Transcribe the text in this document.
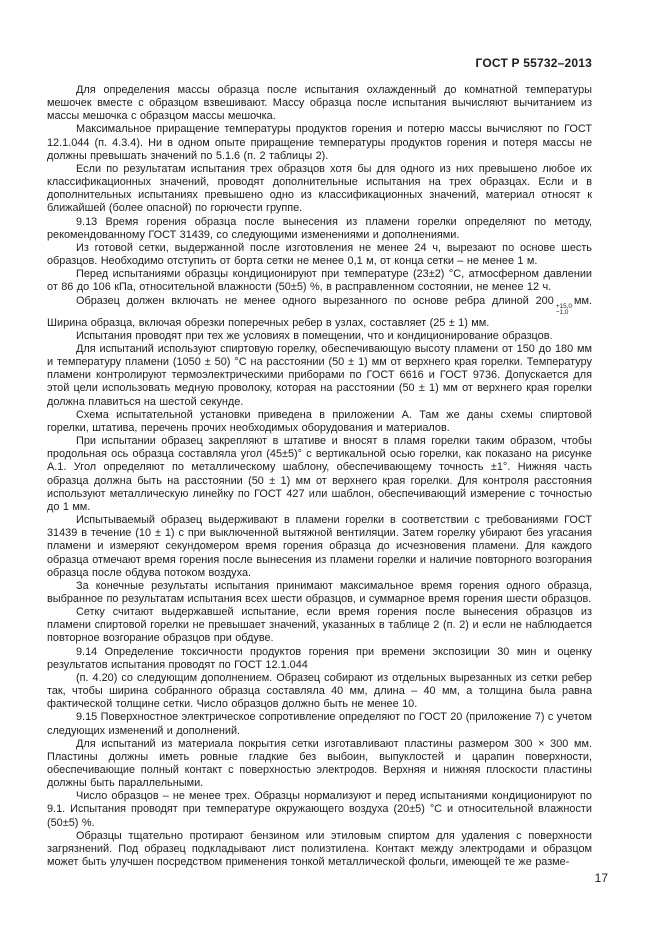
ГОСТ Р 55732–2013

Для определения массы образца после испытания охлажденный до комнатной температуры мешочек вместе с образцом взвешивают. Массу образца после испытания вычисляют вычитанием из массы мешочка с образцом массы мешочка.

Максимальное приращение температуры продуктов горения и потерю массы вычисляют по ГОСТ 12.1.044 (п. 4.3.4). Ни в одном опыте приращение температуры продуктов горения и потеря массы не должны превышать значений по 5.1.6 (п. 2 таблицы 2).

Если по результатам испытания трех образцов хотя бы для одного из них превышено любое их классификационных значений, проводят дополнительные испытания на трех образцах. Если и в дополнительных испытаниях превышено одно из классификационных значений, материал относят к ближайшей (более опасной) по горючести группе.

9.13 Время горения образца после вынесения из пламени горелки определяют по методу, рекомендованному ГОСТ 31439, со следующими изменениями и дополнениями.

Из готовой сетки, выдержанной после изготовления не менее 24 ч, вырезают по основе шесть образцов. Необходимо отступить от борта сетки не менее 0,1 м, от конца сетки – не менее 1 м.

Перед испытаниями образцы кондиционируют при температуре (23±2) °С, атмосферном давлении от 86 до 106 кПа, относительной влажности (50±5) %, в расправленном состоянии, не менее 12 ч.

Образец должен включать не менее одного вырезанного по основе ребра длиной 200 +15,0
−1,0
мм. Ширина образца, включая обрезки поперечных ребер в узлах, составляет (25 ± 1) мм.

Испытания проводят при тех же условиях в помещении, что и кондиционирование образцов.

Для испытаний используют спиртовую горелку, обеспечивающую высоту пламени от 150 до 180 мм и температуру пламени (1050 ± 50) °С на расстоянии (50 ± 1) мм от верхнего края горелки. Температуру пламени контролируют термоэлектрическими приборами по ГОСТ 6616 и ГОСТ 9736. Допускается для этой цели использовать медную проволоку, которая на расстоянии (50 ± 1) мм от верхнего края горелки должна плавиться на шестой секунде.

Схема испытательной установки приведена в приложении А. Там же даны схемы спиртовой горелки, штатива, перечень прочих необходимых оборудования и материалов.

При испытании образец закрепляют в штативе и вносят в пламя горелки таким образом, чтобы продольная ось образца составляла угол (45±5)° с вертикальной осью горелки, как показано на рисунке А.1. Угол определяют по металлическому шаблону, обеспечивающему точность ±1°. Нижняя часть образца должна быть на расстоянии (50 ± 1) мм от верхнего края горелки. Для контроля расстояния используют металлическую линейку по ГОСТ 427 или шаблон, обеспечивающий измерение с точностью до 1 мм.

Испытываемый образец выдерживают в пламени горелки в соответствии с требованиями ГОСТ 31439 в течение (10 ± 1) с при выключенной вытяжной вентиляции. Затем горелку убирают без угасания пламени и измеряют секундомером время горения образца до исчезновения пламени. Для каждого образца отмечают время горения после вынесения из пламени горелки и наличие повторного возгорания образца после обдува потоком воздуха.

За конечные результаты испытания принимают максимальное время горения одного образца, выбранное по результатам испытания всех шести образцов, и суммарное время горения шести образцов.

Сетку считают выдержавшей испытание, если время горения после вынесения образцов из пламени спиртовой горелки не превышает значений, указанных в таблице 2 (п. 2) и если не наблюдается повторное возгорание образцов при обдуве.

9.14 Определение токсичности продуктов горения при времени экспозиции 30 мин и оценку результатов испытания проводят по ГОСТ 12.1.044

(п. 4.20) со следующим дополнением. Образец собирают из отдельных вырезанных из сетки ребер так, чтобы ширина собранного образца составляла 40 мм, длина – 40 мм, а толщина была равна фактической толщине сетки. Число образцов должно быть не менее 10.

9.15 Поверхностное электрическое сопротивление определяют по ГОСТ 20 (приложение 7) с учетом следующих изменений и дополнений.

Для испытаний из материала покрытия сетки изготавливают пластины размером 300 × 300 мм. Пластины должны иметь ровные гладкие без выбоин, выпуклостей и царапин поверхности, обеспечивающие полный контакт с поверхностью электродов. Верхняя и нижняя плоскости пластины должны быть параллельными.

Число образцов – не менее трех. Образцы нормализуют и перед испытаниями кондиционируют по 9.1. Испытания проводят при температуре окружающего воздуха (20±5) °С и относительной влажности (50±5) %.

Образцы тщательно протирают бензином или этиловым спиртом для удаления с поверхности загрязнений. Под образец подкладывают лист полиэтилена. Контакт между электродами и образцом может быть улучшен посредством применения тонкой металлической фольги, имеющей те же разме-

17
